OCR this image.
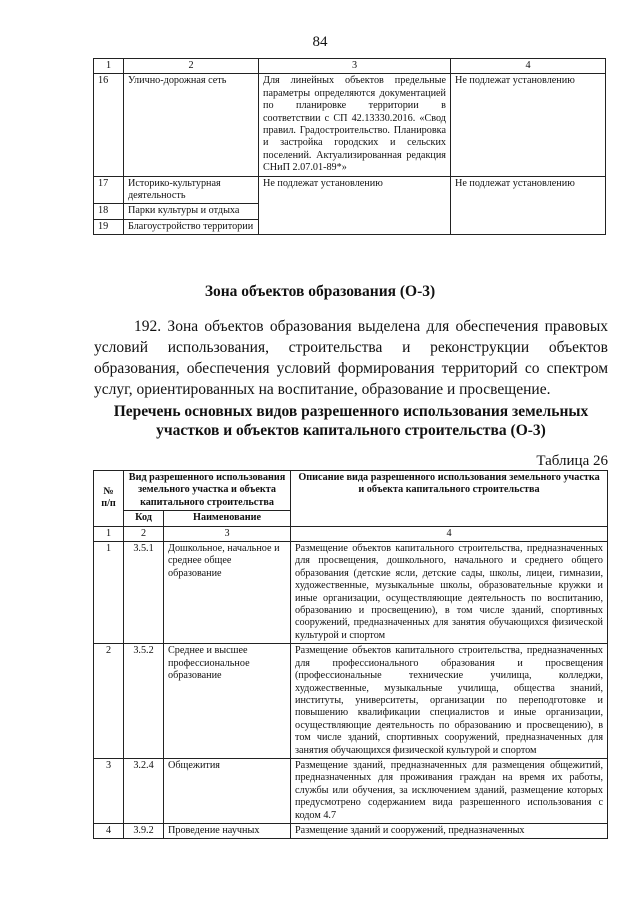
84
1	2	3	4
16	Улично-дорожная сеть	Для линейных объектов предельные параметры определяются документацией по планировке территории в соответствии с СП 42.13330.2016. «Свод правил. Градостроительство. Планировка и застройка городских и сельских поселений. Актуализированная редакция СНиП 2.07.01-89*»	Не подлежат установлению
17	Историко-культурная деятельность	Не подлежат установлению	Не подлежат установлению
18	Парки культуры и отдыха		
19	Благоустройство территории		
Зона объектов образования (О-3)
192. Зона объектов образования выделена для обеспечения правовых условий использования, строительства и реконструкции объектов образования, обеспечения условий формирования территорий со спектром услуг, ориентированных на воспитание, образование и просвещение.
Перечень основных видов разрешенного использования земельных
участков и объектов капитального строительства (О-3)
Таблица 26
№ п/п	Вид разрешенного использования земельного участка и объекта капитального строительства		Описание вида разрешенного использования земельного участка и объекта капитального строительства
	Код	Наименование	
1	2	3	4
1	3.5.1	Дошкольное, начальное и среднее общее образование	Размещение объектов капитального строительства, предназначенных для просвещения, дошкольного, начального и среднего общего образования (детские ясли, детские сады, школы, лицеи, гимназии, художественные, музыкальные школы, образовательные кружки и иные организации, осуществляющие деятельность по воспитанию, образованию и просвещению), в том числе зданий, спортивных сооружений, предназначенных для занятия обучающихся физической культурой и спортом
2	3.5.2	Среднее и высшее профессиональное образование	Размещение объектов капитального строительства, предназначенных для профессионального образования и просвещения (профессиональные технические училища, колледжи, художественные, музыкальные училища, общества знаний, институты, университеты, организации по переподготовке и повышению квалификации специалистов и иные организации, осуществляющие деятельность по образованию и просвещению), в том числе зданий, спортивных сооружений, предназначенных для занятия обучающихся физической культурой и спортом
3	3.2.4	Общежития	Размещение зданий, предназначенных для размещения общежитий, предназначенных для проживания граждан на время их работы, службы или обучения, за исключением зданий, размещение которых предусмотрено содержанием вида разрешенного использования с кодом 4.7
4	3.9.2	Проведение научных	Размещение зданий и сооружений, предназначенных
